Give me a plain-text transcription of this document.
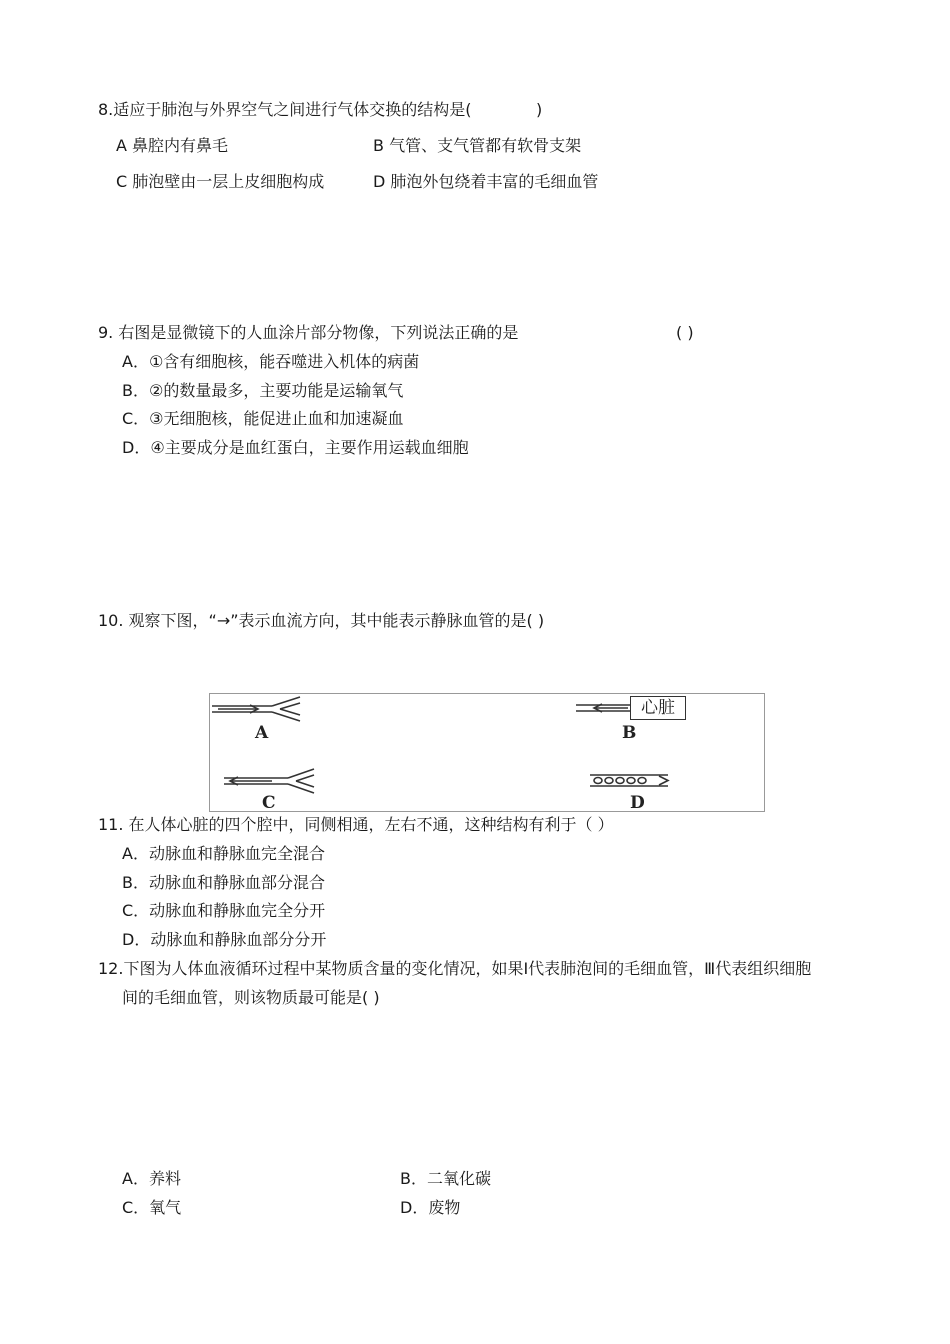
8.适应于肺泡与外界空气之间进行气体交换的结构是(	)
A 鼻腔内有鼻毛	B 气管、支气管都有软骨支架
C 肺泡壁由一层上皮细胞构成	D 肺泡外包绕着丰富的毛细血管
9. 右图是显微镜下的人血涂片部分物像，下列说法正确的是	( )
A．①含有细胞核，能吞噬进入机体的病菌
B．②的数量最多，主要功能是运输氧气
C．③无细胞核，能促进止血和加速凝血
D．④主要成分是血红蛋白，主要作用运载血细胞
10. 观察下图，“→”表示血流方向，其中能表示静脉血管的是( )
心脏
A	B
C	D
11. 在人体心脏的四个腔中，同侧相通，左右不通，这种结构有利于（ ）
A．动脉血和静脉血完全混合
B．动脉血和静脉血部分混合
C．动脉血和静脉血完全分开
D．动脉血和静脉血部分分开
12.下图为人体血液循环过程中某物质含量的变化情况，如果Ⅰ代表肺泡间的毛细血管，Ⅲ代表组织细胞
间的毛细血管，则该物质最可能是( )
A．养料	B．二氧化碳
C．氧气	D．废物
